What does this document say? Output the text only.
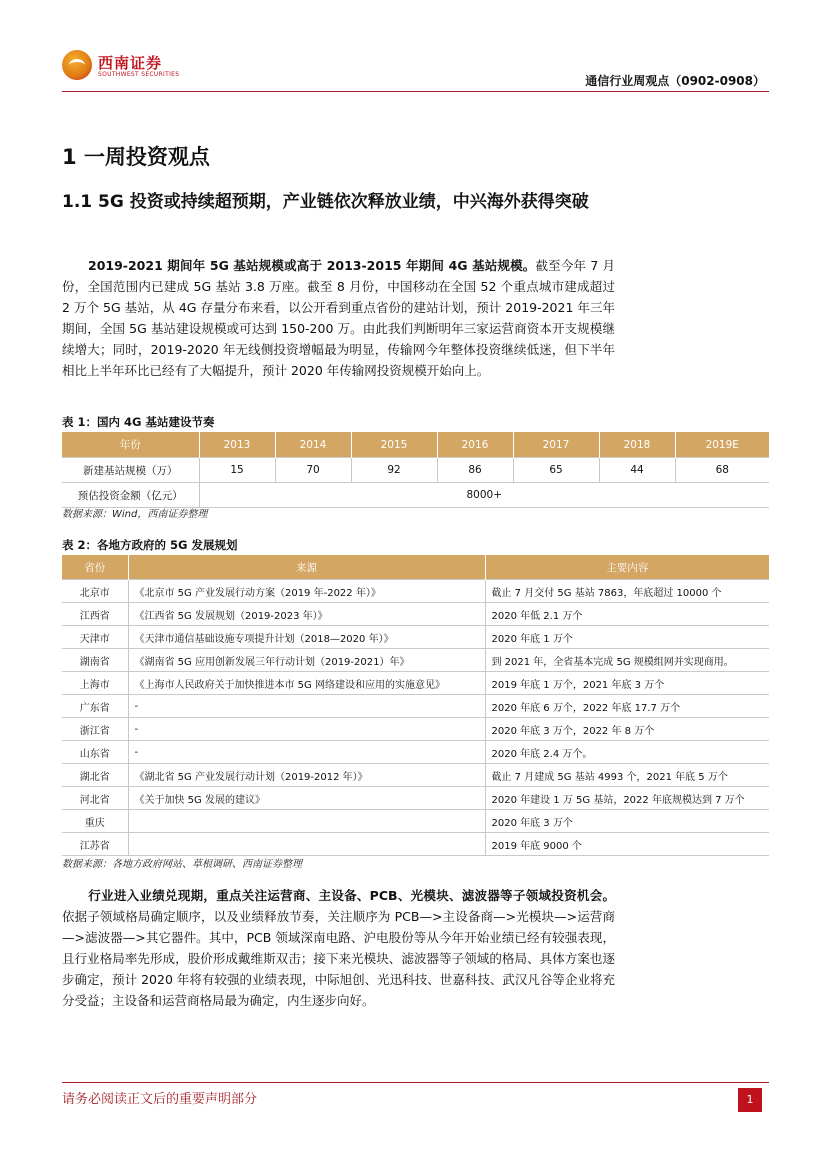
西南证券
SOUTHWEST SECURITIES	通信行业周观点（0902-0908）
1 一周投资观点
1.1 5G 投资或持续超预期，产业链依次释放业绩，中兴海外获得突破
2019-2021 期间年 5G 基站规模或高于 2013-2015 年期间 4G 基站规模。截至今年 7 月份，全国范围内已建成 5G 基站 3.8 万座。截至 8 月份，中国移动在全国 52 个重点城市建成超过 2 万个 5G 基站，从 4G 存量分布来看，以公开看到重点省份的建站计划，预计 2019-2021 年三年期间，全国 5G 基站建设规模或可达到 150-200 万。由此我们判断明年三家运营商资本开支规模继续增大；同时，2019-2020 年无线侧投资增幅最为明显，传输网今年整体投资继续低迷，但下半年相比上半年环比已经有了大幅提升，预计 2020 年传输网投资规模开始向上。
表 1：国内 4G 基站建设节奏
年份	2013	2014	2015	2016	2017	2018	2019E
新建基站规模（万）	15	70	92	86	65	44	68
预估投资金额（亿元）	8000+						
数据来源：Wind，西南证券整理
表 2：各地方政府的 5G 发展规划
省份	来源	主要内容
北京市	《北京市 5G 产业发展行动方案（2019 年-2022 年）》	截止 7 月交付 5G 基站 7863，年底超过 10000 个
江西省	《江西省 5G 发展规划（2019-2023 年）》	2020 年低 2.1 万个
天津市	《天津市通信基础设施专项提升计划（2018—2020 年）》	2020 年底 1 万个
湖南省	《湖南省 5G 应用创新发展三年行动计划（2019-2021）年》	到 2021 年，全省基本完成 5G 规模组网并实现商用。
上海市	《上海市人民政府关于加快推进本市 5G 网络建设和应用的实施意见》	2019 年底 1 万个，2021 年底 3 万个
广东省	-	2020 年底 6 万个，2022 年底 17.7 万个
浙江省	-	2020 年底 3 万个，2022 年 8 万个
山东省	-	2020 年底 2.4 万个。
湖北省	《湖北省 5G 产业发展行动计划（2019-2012 年）》	截止 7 月建成 5G 基站 4993 个，2021 年底 5 万个
河北省	《关于加快 5G 发展的建议》	2020 年建设 1 万 5G 基站，2022 年底规模达到 7 万个
重庆		2020 年底 3 万个
江苏省		2019 年底 9000 个
数据来源：各地方政府网站、草根调研、西南证券整理
行业进入业绩兑现期，重点关注运营商、主设备、PCB、光模块、滤波器等子领域投资机会。依据子领域格局确定顺序，以及业绩释放节奏，关注顺序为 PCB—>主设备商—>光模块—>运营商—>滤波器—>其它器件。其中，PCB 领域深南电路、沪电股份等从今年开始业绩已经有较强表现，且行业格局率先形成，股价形成戴维斯双击；接下来光模块、滤波器等子领域的格局、具体方案也逐步确定，预计 2020 年将有较强的业绩表现，中际旭创、光迅科技、世嘉科技、武汉凡谷等企业将充分受益；主设备和运营商格局最为确定，内生逐步向好。
请务必阅读正文后的重要声明部分	1
